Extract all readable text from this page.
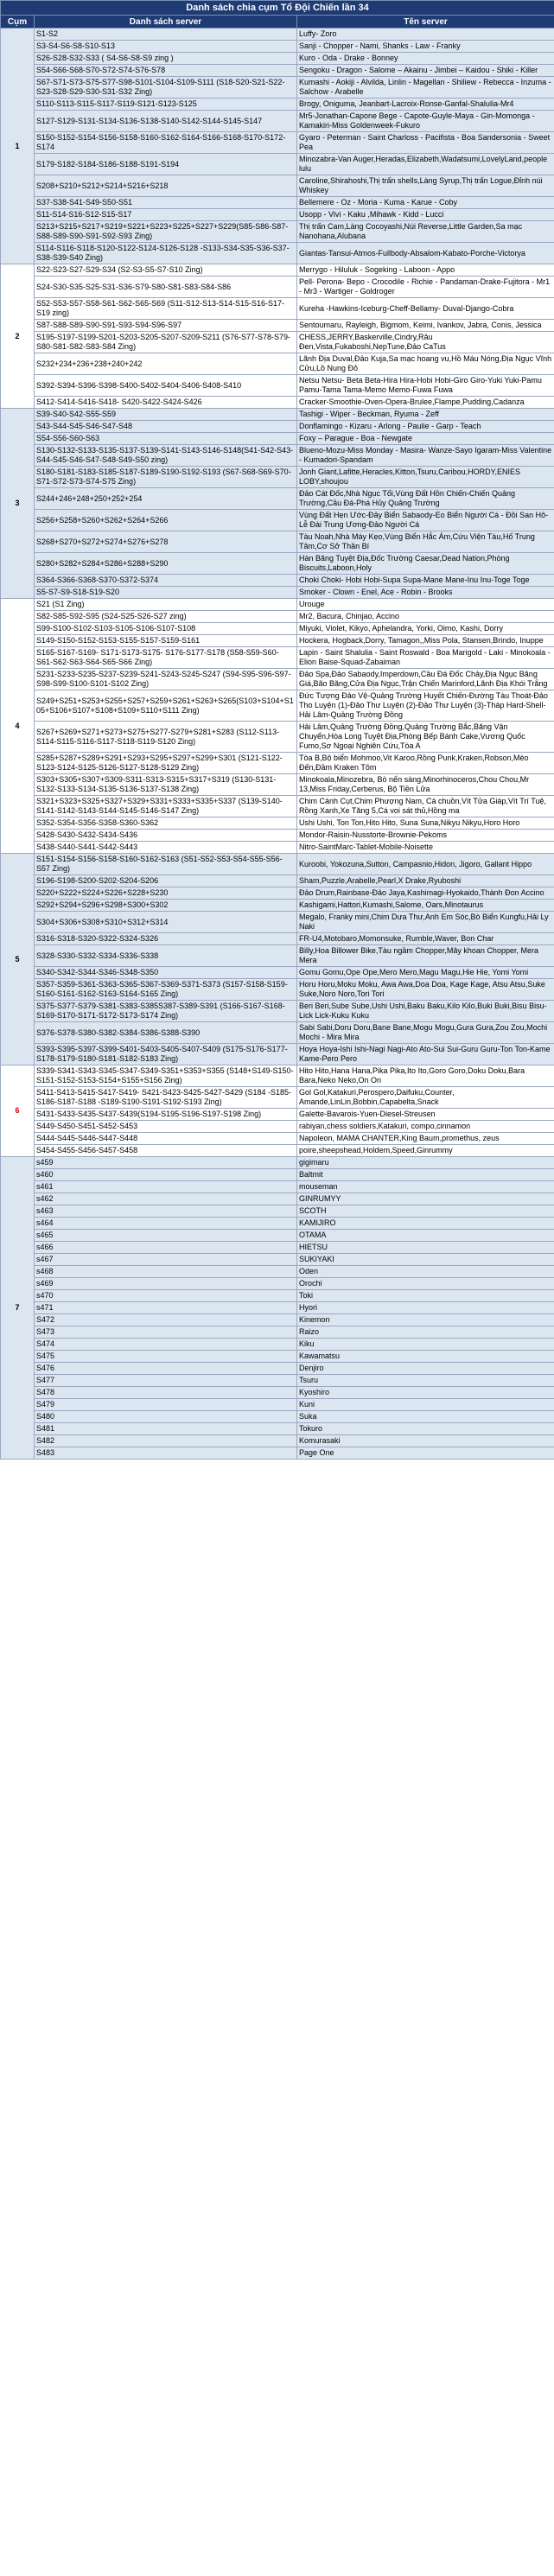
Danh sách chia cụm Tổ Đội Chiến lần 34		
Cụm	Danh sách server	Tên server
1	S1-S2	Luffy- Zoro
	S3-S4-S6-S8-S10-S13	Sanji - Chopper - Nami, Shanks - Law - Franky
	S26-S28-S32-S33 ( S4-S6-S8-S9 zing )	Kuro - Oda - Drake - Bonney
	S54-S66-S68-S70-S72-S74-S76-S78	Sengoku - Dragon - Salome – Akainu - Jimbei – Kaidou - Shiki - Killer
	S67-S71-S73-S75-S77-S98-S101-S104-S109-S111 (S18-S20-S21-S22-S23-S28-S29-S30-S31-S32 Zing)	Kumashi - Aokiji - Alvilda, Linlin - Magellan - Shiliew - Rebecca - Inzuma - Salchow - Arabelle
	S110-S113-S115-S117-S119-S121-S123-S125	Brogy, Oniguma, Jeanbart-Lacroix-Ronse-Ganfal-Shalulia-Mr4
	S127-S129-S131-S134-S136-S138-S140-S142-S144-S145-S147	Mr5-Jonathan-Capone Bege - Capote-Guyle-Maya - Gin-Momonga - Kamakiri-Miss Goldenweek-Fukuro
	S150-S152-S154-S156-S158-S160-S162-S164-S166-S168-S170-S172-S174	Gyaro - Peterman - Saint Charloss - Pacifista - Boa Sandersonia - Sweet Pea
	S179-S182-S184-S186-S188-S191-S194	Minozabra-Van Auger,Heradas,Elizabeth,Wadatsumi,LovelyLand,people lulu
	S208+S210+S212+S214+S216+S218	Caroline,Shirahoshi,Thị trấn shells,Làng Syrup,Thị trấn Logue,Đỉnh núi Whiskey
	S37-S38-S41-S49-S50-S51	Bellemere - Oz - Moria - Kuma - Karue - Coby
	S11-S14-S16-S12-S15-S17	Usopp - Vivi - Kaku ,Mihawk - Kidd - Lucci
	S213+S215+S217+S219+S221+S223+S225+S227+S229(S85-S86-S87-S88-S89-S90-S91-S92-S93 Zing)	Thị trấn Cam,Làng Cocoyashi,Núi Reverse,Little Garden,Sa mạc Nanohana,Alubana
	S114-S116-S118-S120-S122-S124-S126-S128 -S133-S34-S35-S36-S37-S38-S39-S40 Zing)	Giantas-Tansui-Atmos-Fullbody-Absalom-Kabato-Porche-Victorya
2	S22-S23-S27-S29-S34 (S2-S3-S5-S7-S10 Zing)	Merrygo - Hiluluk - Sogeking - Laboon - Appo
	S24-S30-S35-S25-S31-S36-S79-S80-S81-S83-S84-S86	Pell- Perona- Bepo - Crocodile - Richie - Pandaman-Drake-Fujitora - Mr1 - Mr3 - Wartiger - Goldroger
	S52-S53-S57-S58-S61-S62-S65-S69 (S11-S12-S13-S14-S15-S16-S17-S19 zing)	Kureha -Hawkins-Iceburg-Cheff-Bellamy- Duval-Django-Cobra
	S87-S88-S89-S90-S91-S93-S94-S96-S97	Sentoumaru, Rayleigh, Bigmom, Keimi, Ivankov, Jabra, Conis, Jessica
	S195-S197-S199-S201-S203-S205-S207-S209-S211 (S76-S77-S78-S79-S80-S81-S82-S83-S84 Zing)	CHESS,JERRY,Baskerville,Cindry,Râu Đen,Vista,Fukaboshi,NepTune,Đảo CaTus
	S232+234+236+238+240+242	Lãnh Địa Duval,Đảo Kuja,Sa mạc hoang vu,Hồ Máu Nóng,Địa Ngục Vĩnh Cửu,Lồ Nung Đỏ
	S392-S394-S396-S398-S400-S402-S404-S406-S408-S410	Netsu Netsu- Beta Beta-Hira Hira-Hobi Hobi-Giro Giro-Yuki Yuki-Pamu Pamu-Tama Tama-Memo Memo-Fuwa Fuwa
	S412-S414-S416-S418- S420-S422-S424-S426	Cracker-Smoothie-Oven-Opera-Brulee,Flampe,Pudding,Cadanza
3	S39-S40-S42-S55-S59	Tashigi - Wiper - Beckman, Ryuma - Zeff
	S43-S44-S45-S46-S47-S48	Donflamingo - Kizaru - Arlong - Paulie - Garp - Teach
	S54-S56-S60-S63	Foxy – Parague - Boa - Newgate
	S130-S132-S133-S135-S137-S139-S141-S143-S146-S148(S41-S42-S43-S44-S45-S46-S47-S48-S49-S50 zing)	Blueno-Mozu-Miss Monday - Masira- Wanze-Sayo Igaram-Miss Valentine - Kumadori-Spandam
	S180-S181-S183-S185-S187-S189-S190-S192-S193 (S67-S68-S69-S70-S71-S72-S73-S74-S75 Zing)	Jonh Giant,Lafitte,Heracles,Kitton,Tsuru,Caribou,HORDY,ENIES LOBY,shoujou
	S244+246+248+250+252+254	Đảo Cát Đốc,Nhà Ngục Tối,Vùng Đất Hồn Chiến-Chiến Quảng Trường,Cầu Đá-Phá Hủy Quảng Trường
	S256+S258+S260+S262+S264+S266	Vùng Đất Hẹn Ước-Đảy Biển Sabaody-Eo Biển Người Cá - Đồi San Hô-Lễ Đài Trung Ương-Đảo Người Cá
	S268+S270+S272+S274+S276+S278	Tàu Noah,Nhà Máy Kẹo,Vùng Biển Hắc Ám,Cứu Viện Tàu,Hố Trung Tâm,Cơ Sở Thần Bí
	S280+S282+S284+S286+S288+S290	Hàn Băng Tuyệt Địa,Đốc Trường Caesar,Dead Nation,Phòng Biscuits,Laboon,Holy
	S364-S366-S368-S370-S372-S374	Choki Choki- Hobi Hobi-Supa Supa-Mane Mane-Inu Inu-Toge Toge
	S5-S7-S9-S18-S19-S20	Smoker - Clown - Enel, Ace - Robin - Brooks
4	S21 (S1 Zing)	Urouge
	S82-S85-S92-S95 (S24-S25-S26-S27 zing)	Mr2, Bacura, Chinjao, Accino
	S99-S100-S102-S103-S105-S106-S107-S108	Miyuki, Violet, Kikyo, Aphelandra, Yorki, Oimo, Kashi, Dorry
	S149-S150-S152-S153-S155-S157-S159-S161	Hockera, Hogback,Dorry, Tamagon,,Miss Pola, Stansen,Brindo, Inuppe
	S165-S167-S169- S171-S173-S175- S176-S177-S178 (S58-S59-S60-S61-S62-S63-S64-S65-S66 Zing)	Lapin - Saint Shalulia - Saint Roswald - Boa Marigold - Laki - Minokoala - Elion Baise-Squad-Zabaiman
	S231-S233-S235-S237-S239-S241-S243-S245-S247 (S94-S95-S96-S97-S98-S99-S100-S101-S102 Zing)	Đảo Spa,Đảo Sabaody,Imperdown,Cầu Đá Đốc Chảy,Địa Ngục Băng Giá,Bão Băng,Cửa Địa Ngục,Trận Chiến Marinford,Lãnh Địa Khói Trắng
	S249+S251+S253+S255+S257+S259+S261+S263+S265(S103+S104+S105+S106+S107+S108+S109+S110+S111 Zing)	Đức Tượng Đảo Vệ-Quảng Trường Huyết Chiến-Đường Tàu Thoát-Đảo Tho Luyện (1)-Đảo Thư Luyện (2)-Đảo Thư Luyện (3)-Tháp Hard-Shell-Hải Lâm-Quảng Trường Đồng
	S267+S269+S271+S273+S275+S277-S279+S281+S283 (S112-S113-S114-S115-S116-S117-S118-S119-S120 Zing)	Hải Lâm,Quảng Trường Đồng,Quảng Trường Bắc,Băng Vận Chuyển,Hòa Long Tuyệt Địa,Phòng Bếp Bánh Cake,Vương Quốc Fumo,Sơ Ngoại Nghiên Cứu,Tòa A
	S285+S287+S289+S291+S293+S295+S297+S299+S301 (S121-S122-S123-S124-S125-S126-S127-S128-S129 Zing)	Tòa B,Bộ biển Mohmoo,Vit Karoo,Rồng Punk,Kraken,Robson,Mèo Đến,Đầm Kraken Tôm
	S303+S305+S307+S309-S311-S313-S315+S317+S319 (S130-S131-S132-S133-S134-S135-S136-S137-S138 Zing)	Minokoala,Minozebra, Bò nến sàng,Minorhinoceros,Chou Chou,Mr 13,Miss Friday,Cerberus, Bộ Tiền Lửa
	S321+S323+S325+S327+S329+S331+S333+S335+S337 (S139-S140-S141-S142-S143-S144-S145-S146-S147 Zing)	Chim Cánh Cụt,Chim Phượng Nam, Cá chuồn,Vít Tửa Giáp,Vít Trí Tuệ, Rồng Xanh,Xe Tăng 5,Cá voi sát thủ,Hồng ma
	S352-S354-S356-S358-S360-S362	Ushi Ushi, Ton Ton,Hito Hito, Suna Suna,Nikyu Nikyu,Horo Horo
	S428-S430-S432-S434-S436	Mondor-Raisin-Nusstorte-Brownie-Pekoms
	S438-S440-S441-S442-S443	Nitro-SaintMarc-Tablet-Mobile-Noisette
5	S151-S154-S156-S158-S160-S162-S163 (S51-S52-S53-S54-S55-S56-S57 Zing)	Kuroobi, Yokozuna,Sutton, Campasnio,Hidon, Jigoro, Gallant Hippo
	S196-S198-S200-S202-S204-S206	Sham,Puzzle,Arabelle,Pearl,X Drake,Ryuboshi
	S220+S222+S224+S226+S228+S230	Đảo Drum,Rainbase-Đảo Jaya,Kashimagi-Hyokaido,Thành Đon Accino
	S292+S294+S296+S298+S300+S302	Kashigami,Hattori,Kumashi,Salome, Oars,Minotaurus
	S304+S306+S308+S310+S312+S314	Megalo, Franky mini,Chim Dưa Thư,Anh Em Sóc,Bò Biển Kungfu,Hải Ly Naki
	S316-S318-S320-S322-S324-S326	FR-U4,Motobaro,Momonsuke, Rumble,Waver, Bon Char
	S328-S330-S332-S334-S336-S338	Billy,Hoa Billower Bike,Tàu ngầm Chopper,Mây khoan Chopper, Mera Mera
	S340-S342-S344-S346-S348-S350	Gomu Gomu,Ope Ope,Mero Mero,Magu Magu,Hie Hie, Yomi Yomi
	S357-S359-S361-S363-S365-S367-S369-S371-S373 (S157-S158-S159-S160-S161-S162-S163-S164-S165 Zing)	Horu Horu,Moku Moku, Awa Awa,Doa Doa, Kage Kage, Atsu Atsu,Suke Suke,Noro Noro,Tori Tori
	S375-S377-S379-S381-S383-S385S387-S389-S391 (S166-S167-S168-S169-S170-S171-S172-S173-S174 Zing)	Beri Beri,Sube Sube,Ushi Ushi,Baku Baku,Kilo Kilo,Buki Buki,Bisu Bisu-Lick Lick-Kuku Kuku
	S376-S378-S380-S382-S384-S386-S388-S390	Sabi Sabi,Doru Doru,Bane Bane,Mogu Mogu,Gura Gura,Zou Zou,Mochi Mochi - Mira Mira
	S393-S395-S397-S399-S401-S403-S405-S407-S409 (S175-S176-S177-S178-S179-S180-S181-S182-S183 Zing)	Hoya Hoya-Ishi Ishi-Nagi Nagi-Ato Ato-Sui Sui-Guru Guru-Ton Ton-Kame Kame-Pero Pero
6	S339-S341-S343-S345-S347-S349-S351+S353+S355 (S148+S149-S150-S151-S152-S153-S154+S155+S156 Zing)	Hito Hito,Hana Hana,Pika Pika,Ito Ito,Goro Goro,Doku Doku,Bara Bara,Neko Neko,On On
	S411-S413-S415-S417-S419- S421-S423-S425-S427-S429 (S184 -S185-S186-S187-S188 -S189-S190-S191-S192-S193 Zing)	Gol Gol,Katakuri,Perospero,Daifuku,Counter, Amande,LinLin,Bobbin,Capabelta,Snack
	S431-S433-S435-S437-S439(S194-S195-S196-S197-S198 Zing)	Galette-Bavarois-Yuen-Diesel-Streusen
	S449-S450-S451-S452-S453	rabiyan,chess soldiers,Katakuri, compo,cinnamon
	S444-S445-S446-S447-S448	Napoleon, MAMA CHANTER,King Baum,promethus, zeus
	S454-S455-S456-S457-S458	poire,sheepshead,Holdem,Speed,Ginrummy
7	s459	gigimaru
	s460	Baltmit
	s461	mouseman
	s462	GINRUMYY
	s463	SCOTH
	s464	KAMIJIRO
	s465	OTAMA
	s466	HIETSU
	s467	SUKIYAKI
	s468	Oden
	s469	Orochi
	s470	Toki
	s471	Hyori
	S472	Kinemon
	S473	Raizo
	S474	Kiku
	S475	Kawamatsu
	S476	Denjiro
	S477	Tsuru
	S478	Kyoshiro
	S479	Kuni
	S480	Suka
	S481	Tokuro
	S482	Komurasaki
	S483	Page One
